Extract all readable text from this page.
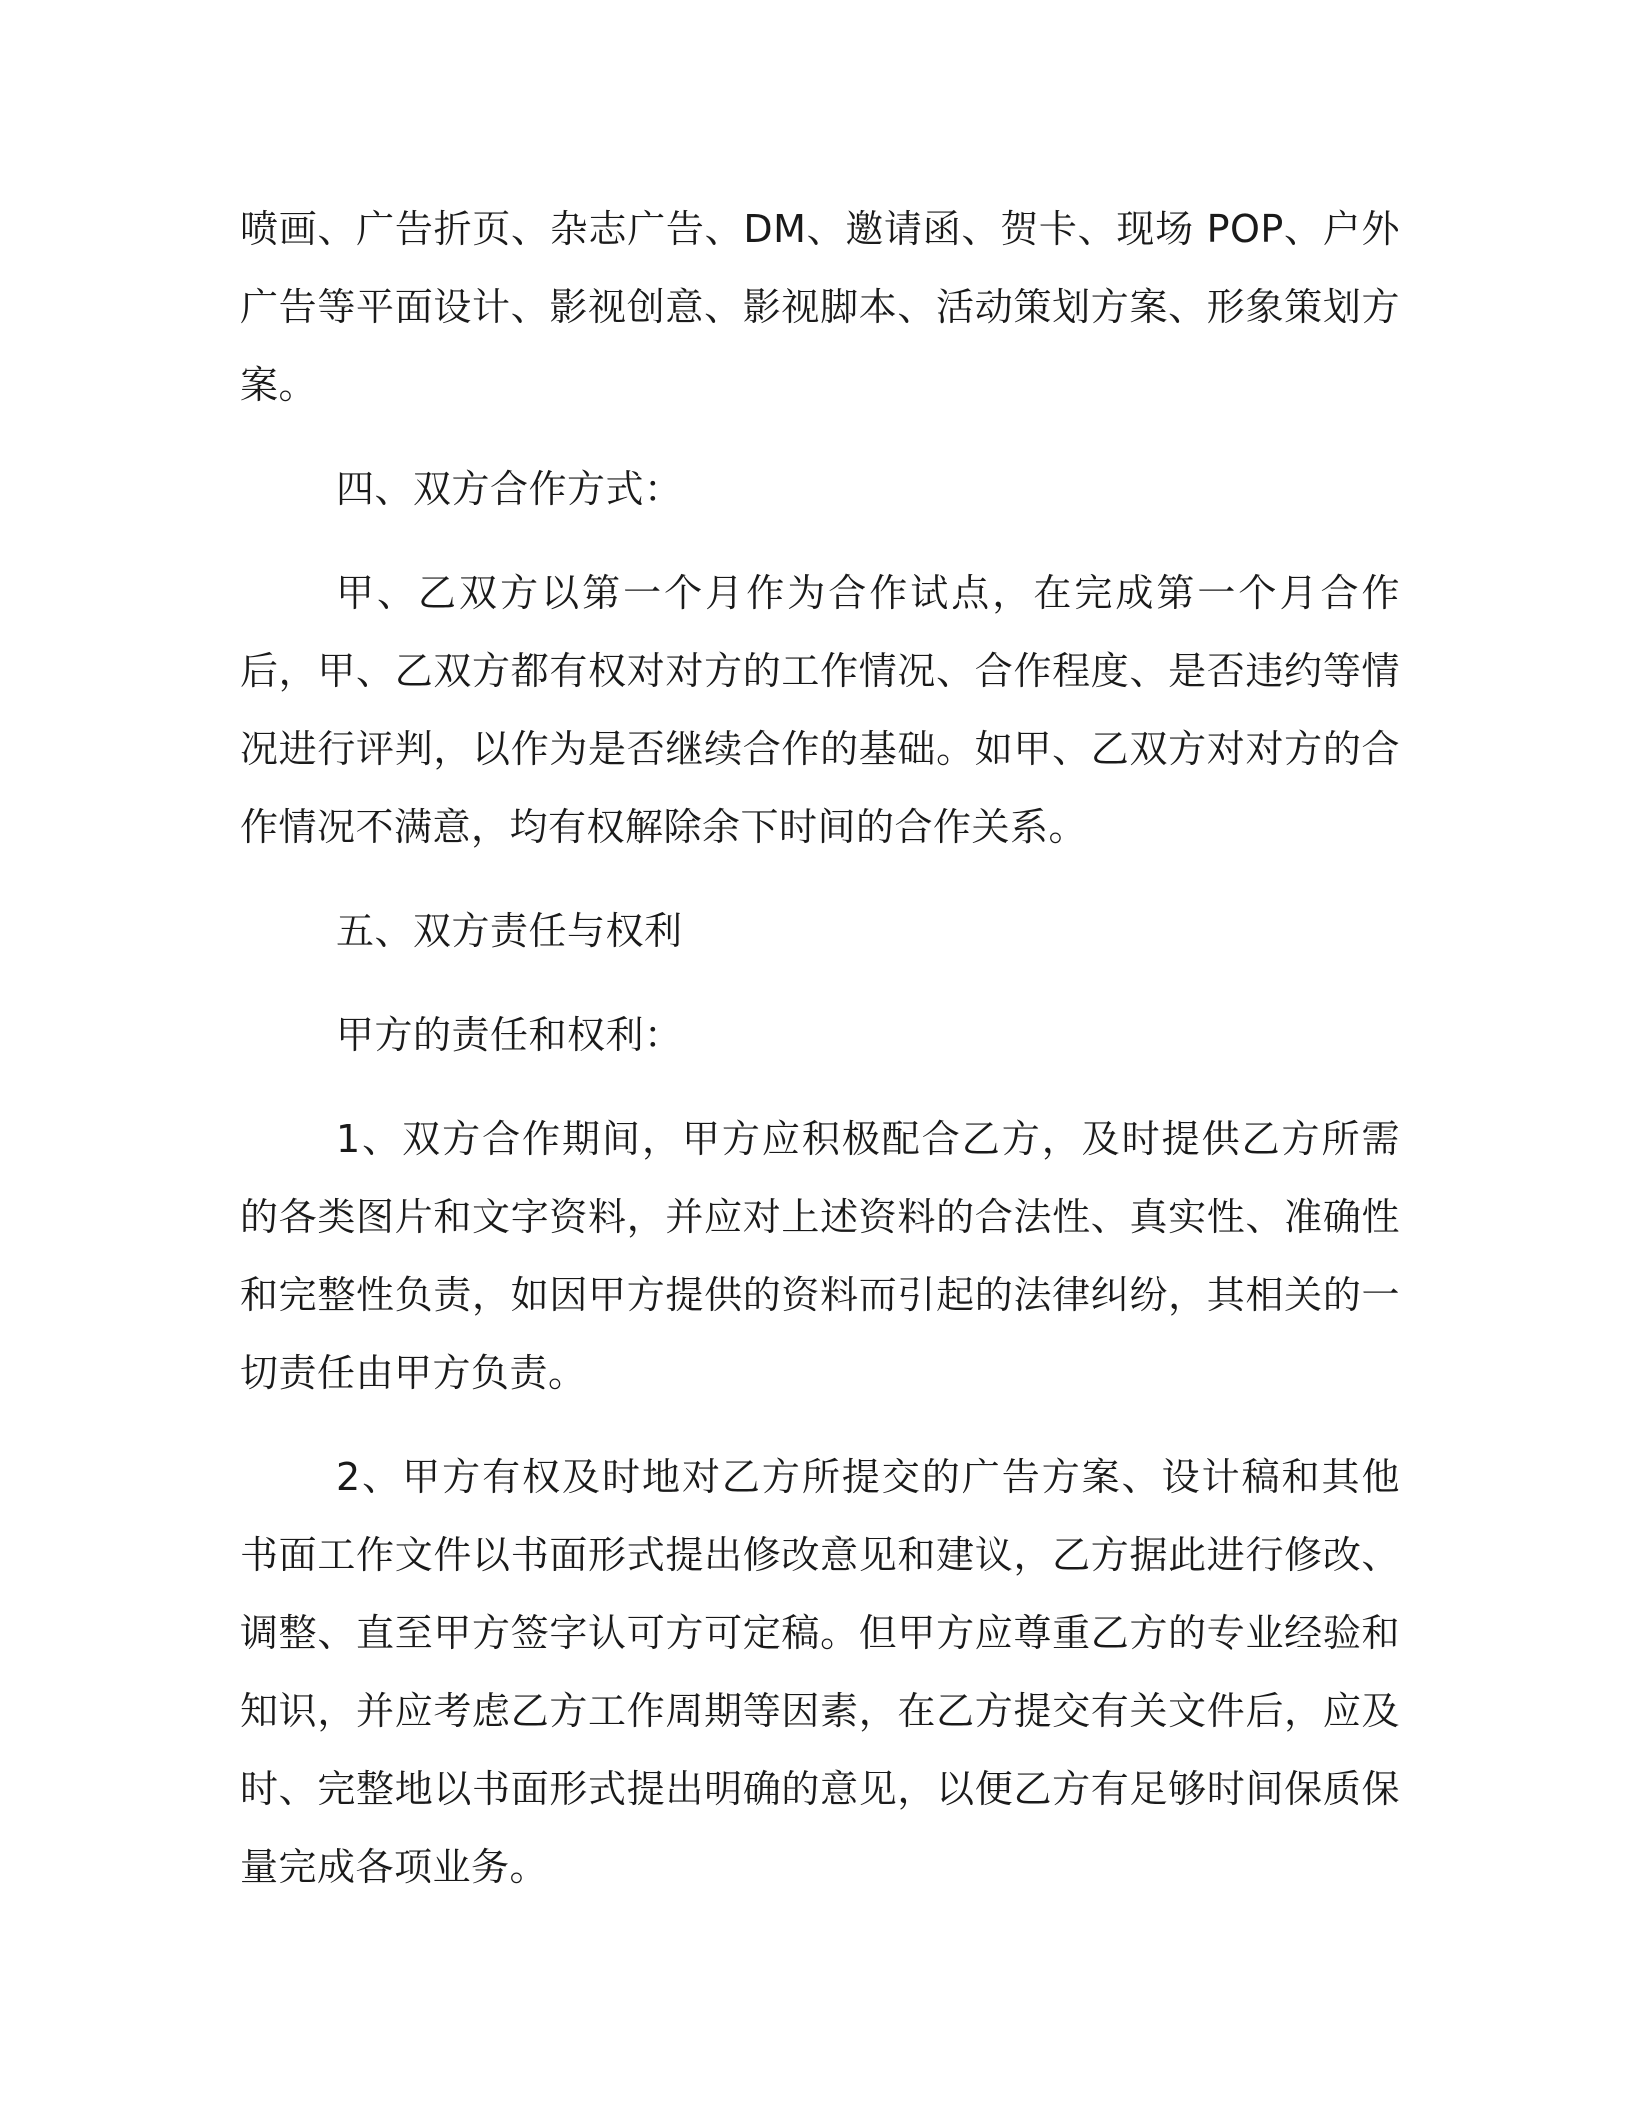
喷画、广告折页、杂志广告、DM、邀请函、贺卡、现场 POP、户外广告等平面设计、影视创意、影视脚本、活动策划方案、形象策划方案。

四、双方合作方式：

甲、乙双方以第一个月作为合作试点，在完成第一个月合作后，甲、乙双方都有权对对方的工作情况、合作程度、是否违约等情况进行评判，以作为是否继续合作的基础。如甲、乙双方对对方的合作情况不满意，均有权解除余下时间的合作关系。

五、双方责任与权利

甲方的责任和权利：

1、双方合作期间，甲方应积极配合乙方，及时提供乙方所需的各类图片和文字资料，并应对上述资料的合法性、真实性、准确性和完整性负责，如因甲方提供的资料而引起的法律纠纷，其相关的一切责任由甲方负责。

2、甲方有权及时地对乙方所提交的广告方案、设计稿和其他书面工作文件以书面形式提出修改意见和建议，乙方据此进行修改、调整、直至甲方签字认可方可定稿。但甲方应尊重乙方的专业经验和知识，并应考虑乙方工作周期等因素，在乙方提交有关文件后，应及时、完整地以书面形式提出明确的意见，以便乙方有足够时间保质保量完成各项业务。
